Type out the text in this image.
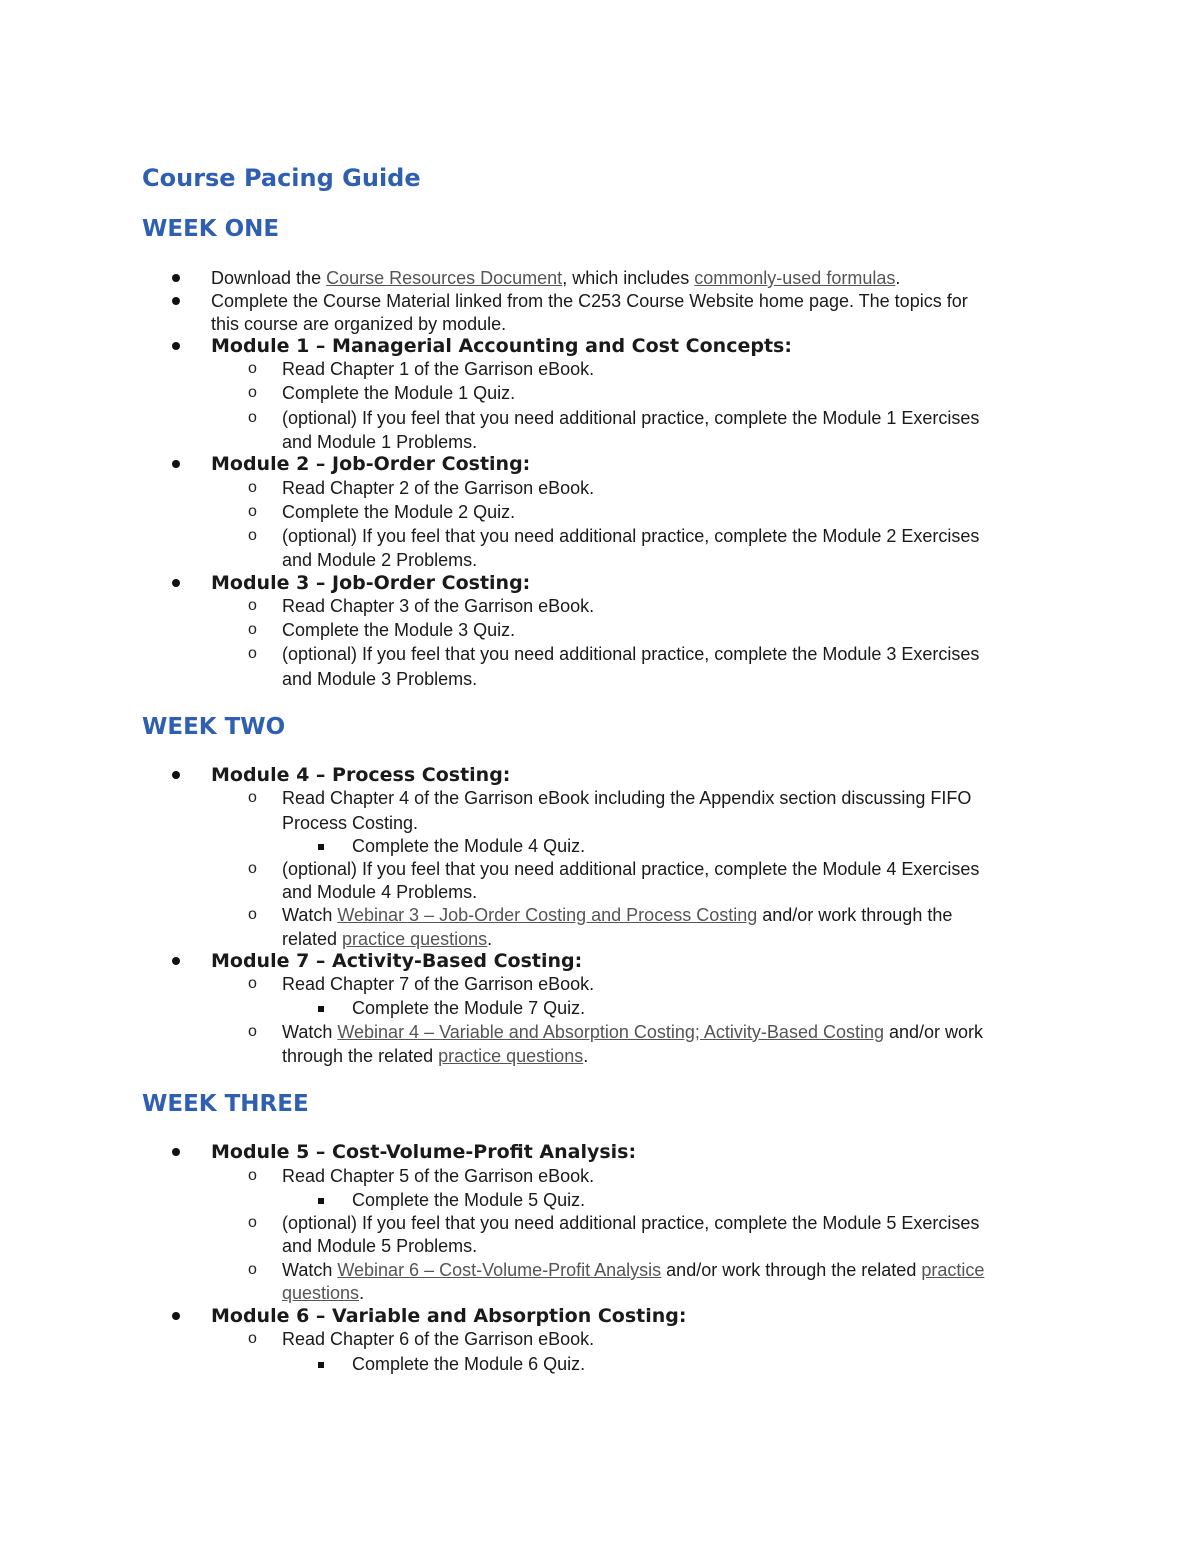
Course Pacing Guide
WEEK ONE
Download the Course Resources Document, which includes commonly-used formulas.
Complete the Course Material linked from the C253 Course Website home page. The topics for
this course are organized by module.
Module 1 – Managerial Accounting and Cost Concepts:
o Read Chapter 1 of the Garrison eBook.
o Complete the Module 1 Quiz.
o (optional) If you feel that you need additional practice, complete the Module 1 Exercises
and Module 1 Problems.
Module 2 – Job-Order Costing:
o Read Chapter 2 of the Garrison eBook.
o Complete the Module 2 Quiz.
o (optional) If you feel that you need additional practice, complete the Module 2 Exercises
and Module 2 Problems.
Module 3 – Job-Order Costing:
o Read Chapter 3 of the Garrison eBook.
o Complete the Module 3 Quiz.
o (optional) If you feel that you need additional practice, complete the Module 3 Exercises
and Module 3 Problems.
WEEK TWO
Module 4 – Process Costing:
o Read Chapter 4 of the Garrison eBook including the Appendix section discussing FIFO
Process Costing.
Complete the Module 4 Quiz.
o (optional) If you feel that you need additional practice, complete the Module 4 Exercises
and Module 4 Problems.
o Watch Webinar 3 – Job-Order Costing and Process Costing and/or work through the
related practice questions.
Module 7 – Activity-Based Costing:
o Read Chapter 7 of the Garrison eBook.
Complete the Module 7 Quiz.
o Watch Webinar 4 – Variable and Absorption Costing; Activity-Based Costing and/or work
through the related practice questions.
WEEK THREE
Module 5 – Cost-Volume-Profit Analysis:
o Read Chapter 5 of the Garrison eBook.
Complete the Module 5 Quiz.
o (optional) If you feel that you need additional practice, complete the Module 5 Exercises
and Module 5 Problems.
o Watch Webinar 6 – Cost-Volume-Profit Analysis and/or work through the related practice
questions.
Module 6 – Variable and Absorption Costing:
o Read Chapter 6 of the Garrison eBook.
Complete the Module 6 Quiz.
